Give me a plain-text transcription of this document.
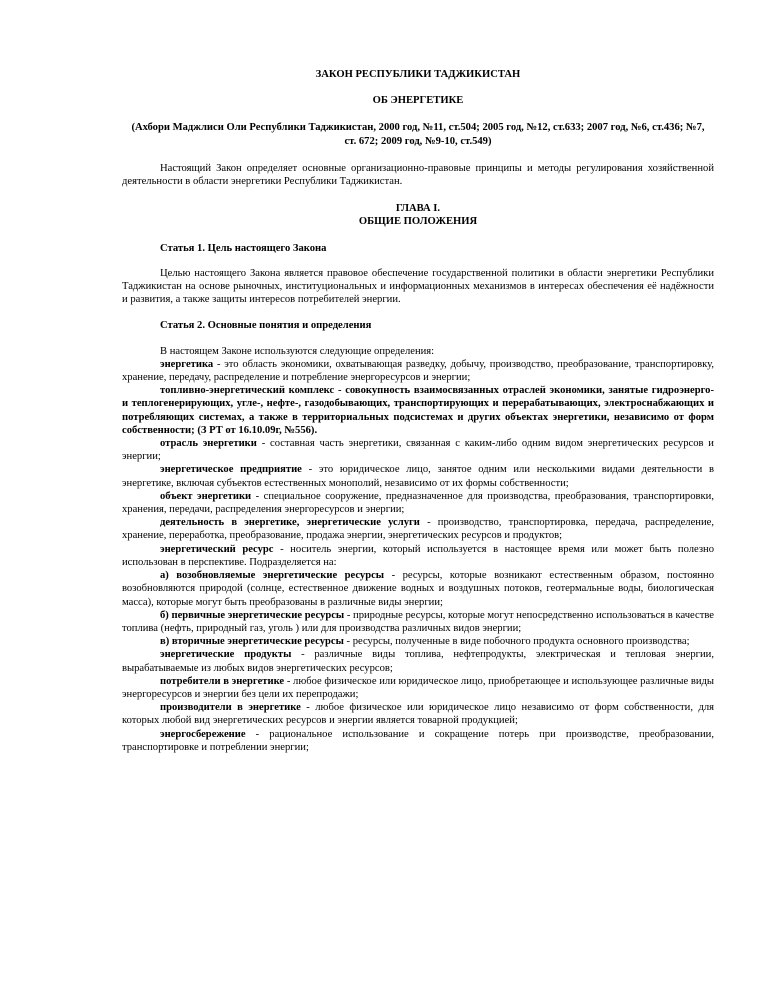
ЗАКОН РЕСПУБЛИКИ ТАДЖИКИСТАН
ОБ ЭНЕРГЕТИКЕ
(Ахбори Маджлиси Оли Республики Таджикистан, 2000 год, №11, ст.504; 2005 год, №12, ст.633; 2007 год, №6, ст.436; №7, ст. 672; 2009 год, №9-10, ст.549)

Настоящий Закон определяет основные организационно-правовые принципы и методы регулирования хозяйственной деятельности в области энергетики Республики Таджикистан.

ГЛАВА I.
ОБЩИЕ ПОЛОЖЕНИЯ
Статья 1. Цель настоящего Закона

Целью настоящего Закона является правовое обеспечение государственной политики в области энергетики Республики Таджикистан на основе рыночных, институциональных и информационных механизмов в интересах обеспечения её надёжности и развития, а также защиты интересов потребителей энергии.

Статья 2. Основные понятия и определения

В настоящем Законе используются следующие определения:

энергетика - это область экономики, охватывающая разведку, добычу, производство, преобразование, транспортировку, хранение, передачу, распределение и потребление энергоресурсов и энергии;

топливно-энергетический комплекс - совокупность взаимосвязанных отраслей экономики, занятые гидроэнерго- и теплогенерирующих, угле-, нефте-, газодобывающих, транспортирующих и перерабатывающих, электроснабжающих и потребляющих системах, а также в территориальных подсистемах и других объектах энергетики, независимо от форм собственности; (З РТ от 16.10.09г, №556).

отрасль энергетики - составная часть энергетики, связанная с каким-либо одним видом энергетических ресурсов и энергии;

энергетическое предприятие - это юридическое лицо, занятое одним или несколькими видами деятельности в энергетике, включая субъектов естественных монополий, независимо от их формы собственности;

объект энергетики - специальное сооружение, предназначенное для производства, преобразования, транспортировки, хранения, передачи, распределения энергоресурсов и энергии;

деятельность в энергетике, энергетические услуги - производство, транспортировка, передача, распределение, хранение, переработка, преобразование, продажа энергии, энергетических ресурсов и продуктов;

энергетический ресурс - носитель энергии, который используется в настоящее время или может быть полезно использован в перспективе. Подразделяется на:

а) возобновляемые энергетические ресурсы - ресурсы, которые возникают естественным образом, постоянно возобновляются природой (солнце, естественное движение водных и воздушных потоков, геотермальные воды, биологическая масса), которые могут быть преобразованы в различные виды энергии;

б) первичные энергетические ресурсы - природные ресурсы, которые могут непосредственно использоваться в качестве топлива (нефть, природный газ, уголь ) или для производства различных видов энергии;

в) вторичные энергетические ресурсы - ресурсы, полученные в виде побочного продукта основного производства;

энергетические продукты - различные виды топлива, нефтепродукты, электрическая и тепловая энергии, вырабатываемые из любых видов энергетических ресурсов;

потребители в энергетике - любое физическое или юридическое лицо, приобретающее и использующее различные виды энергоресурсов и энергии без цели их перепродажи;

производители в энергетике - любое физическое или юридическое лицо независимо от форм собственности, для которых любой вид энергетических ресурсов и энергии является товарной продукцией;

энергосбережение - рациональное использование и сокращение потерь при производстве, преобразовании, транспортировке и потреблении энергии;
